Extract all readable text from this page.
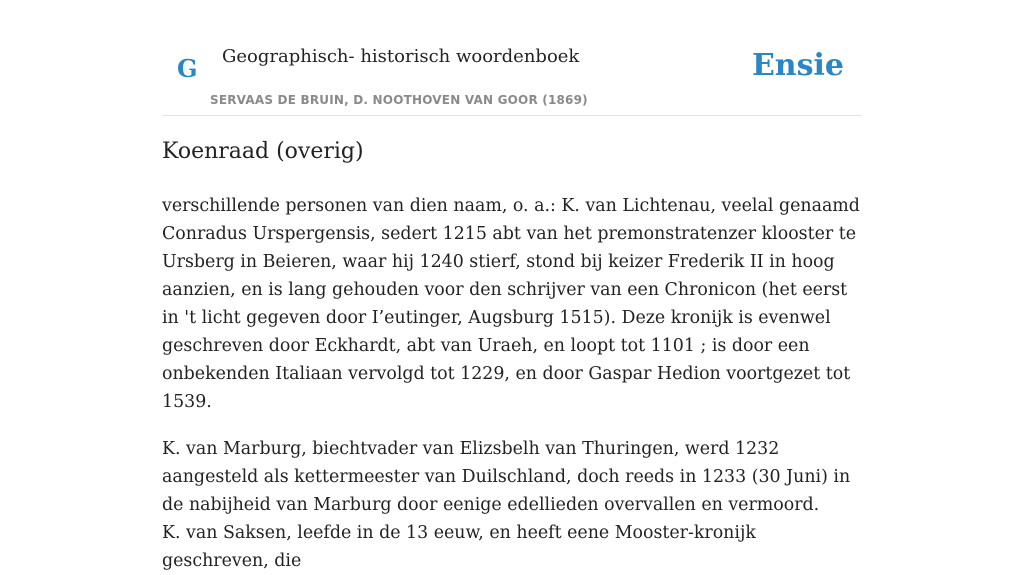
G Geographisch- historisch woordenboek
SERVAAS DE BRUIN, D. NOOTHOVEN VAN GOOR (1869)
Ensie
Koenraad (overig)

verschillende personen van dien naam, o. a.: K. van Lichtenau, veelal genaamd Conradus Urspergensis, sedert 1215 abt van het premonstratenzer klooster te Ursberg in Beieren, waar hij 1240 stierf, stond bij keizer Frederik II in hoog aanzien, en is lang gehouden voor den schrijver van een Chronicon (het eerst in 't licht gegeven door I’eutinger, Augsburg 1515). Deze kronijk is evenwel geschreven door Eckhardt, abt van Uraeh, en loopt tot 1101 ; is door een onbekenden Italiaan vervolgd tot 1229, en door Gaspar Hedion voortgezet tot 1539.

K. van Marburg, biechtvader van Elizsbelh van Thuringen, werd 1232 aangesteld als kettermeester van Duilschland, doch reeds in 1233 (30 Juni) in de nabijheid van Marburg door eenige edellieden overvallen en vermoord.

K. van Saksen, leefde in de 13 eeuw, en heeft eene Mooster-kronijk geschreven, die
